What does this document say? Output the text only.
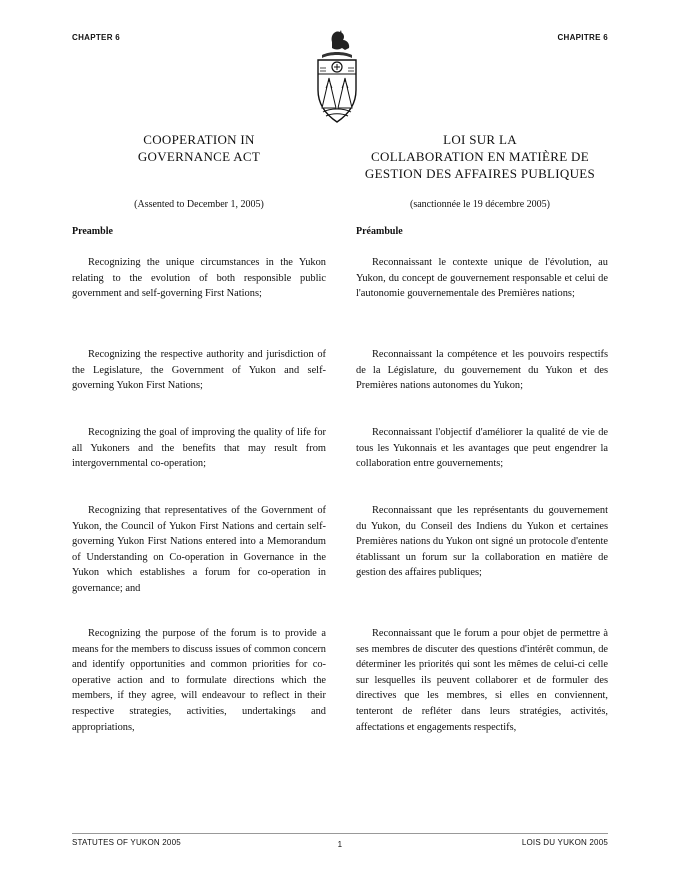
CHAPTER 6	CHAPITRE 6
COOPERATION IN
GOVERNANCE ACT
LOI SUR LA
COLLABORATION EN MATIÈRE DE
GESTION DES AFFAIRES PUBLIQUES
(Assented to December 1, 2005)	(sanctionnée le 19 décembre 2005)
Preamble	Préambule

Recognizing the unique circumstances in the Yukon relating to the evolution of both responsible public government and self-governing First Nations;

Recognizing the respective authority and jurisdiction of the Legislature, the Government of Yukon and self-governing Yukon First Nations;

Recognizing the goal of improving the quality of life for all Yukoners and the benefits that may result from intergovernmental co-operation;

Recognizing that representatives of the Government of Yukon, the Council of Yukon First Nations and certain self-governing Yukon First Nations entered into a Memorandum of Understanding on Co-operation in Governance in the Yukon which establishes a forum for co-operation in governance; and

Recognizing the purpose of the forum is to provide a means for the members to discuss issues of common concern and identify opportunities and common priorities for co-operative action and to formulate directions which the members, if they agree, will endeavour to reflect in their respective strategies, activities, undertakings and appropriations,

Reconnaissant le contexte unique de l'évolution, au Yukon, du concept de gouvernement responsable et celui de l'autonomie gouvernementale des Premières nations;

Reconnaissant la compétence et les pouvoirs respectifs de la Législature, du gouvernement du Yukon et des Premières nations autonomes du Yukon;

Reconnaissant l'objectif d'améliorer la qualité de vie de tous les Yukonnais et les avantages que peut engendrer la collaboration entre gouvernements;

Reconnaissant que les représentants du gouvernement du Yukon, du Conseil des Indiens du Yukon et certaines Premières nations du Yukon ont signé un protocole d'entente établissant un forum sur la collaboration en matière de gestion des affaires publiques;

Reconnaissant que le forum a pour objet de permettre à ses membres de discuter des questions d'intérêt commun, de déterminer les priorités qui sont les mêmes de celui-ci celle sur lesquelles ils peuvent collaborer et de formuler des directives que les membres, si elles en conviennent, tenteront de refléter dans leurs stratégies, activités, affectations et engagements respectifs,

STATUTES OF YUKON 2005	1	LOIS DU YUKON 2005
